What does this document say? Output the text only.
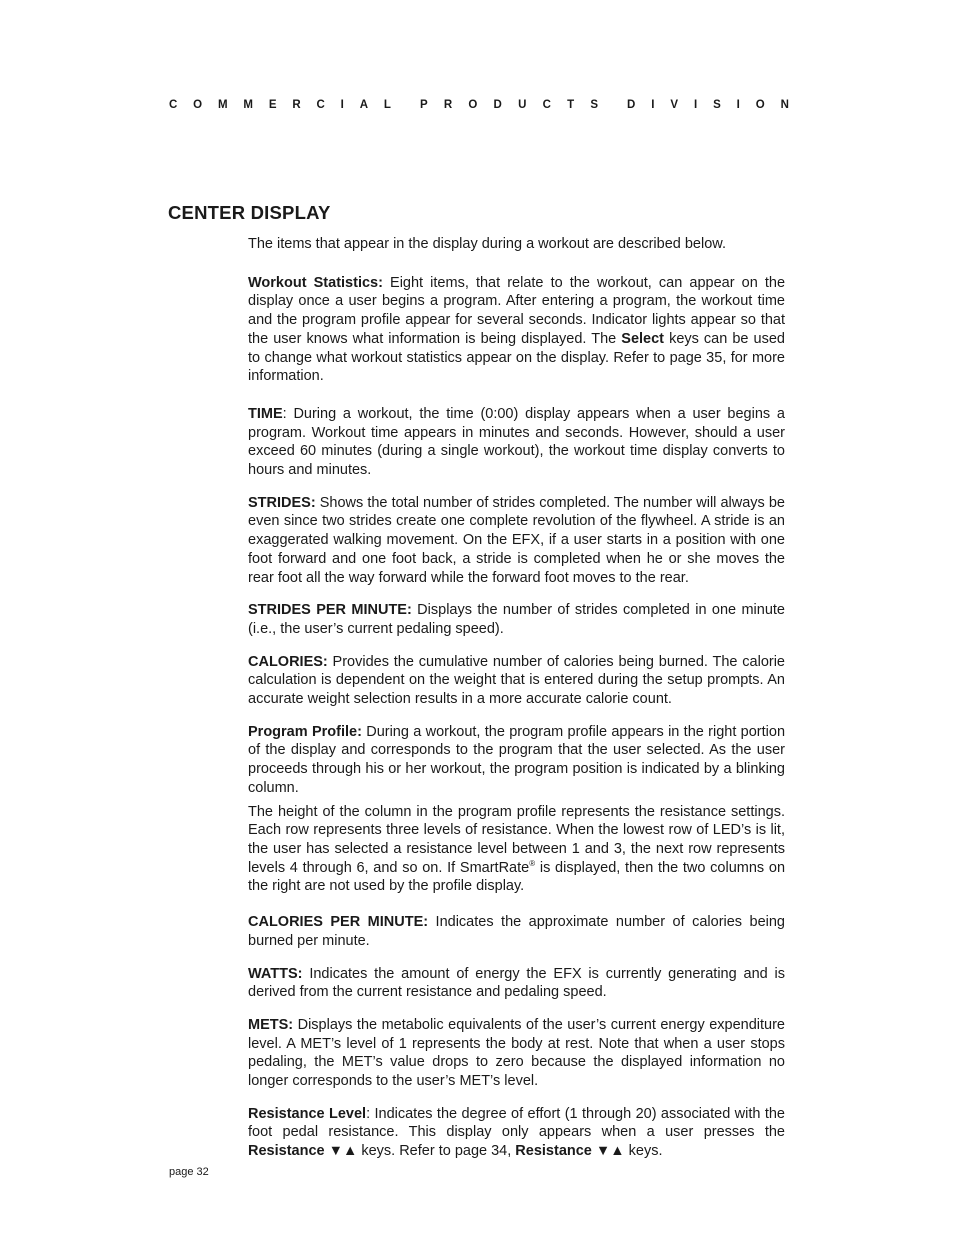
C O M M E R C I A L	P R O D U C T S	D I V I S I O N
CENTER DISPLAY

The items that appear in the display during a workout are described below.

Workout Statistics: Eight items, that relate to the workout, can appear on the display once a user begins a program. After entering a program, the workout time and the program profile appear for several seconds. Indicator lights appear so that the user knows what information is being displayed. The Select keys can be used to change what workout statistics appear on the display. Refer to page 35, for more information.

TIME: During a workout, the time (0:00) display appears when a user begins a program. Workout time appears in minutes and seconds. However, should a user exceed 60 minutes (during a single workout), the workout time display converts to hours and minutes.

STRIDES: Shows the total number of strides completed. The number will always be even since two strides create one complete revolution of the flywheel. A stride is an exaggerated walking movement. On the EFX, if a user starts in a position with one foot forward and one foot back, a stride is completed when he or she moves the rear foot all the way forward while the forward foot moves to the rear.

STRIDES PER MINUTE: Displays the number of strides completed in one minute (i.e., the user’s current pedaling speed).

CALORIES: Provides the cumulative number of calories being burned. The calorie calculation is dependent on the weight that is entered during the setup prompts. An accurate weight selection results in a more accurate calorie count.

Program Profile: During a workout, the program profile appears in the right portion of the display and corresponds to the program that the user selected. As the user proceeds through his or her workout, the program position is indicated by a blinking column.

The height of the column in the program profile represents the resistance settings. Each row represents three levels of resistance. When the lowest row of LED’s is lit, the user has selected a resistance level between 1 and 3, the next row represents levels 4 through 6, and so on. If SmartRate® is displayed, then the two columns on the right are not used by the profile display.

CALORIES PER MINUTE: Indicates the approximate number of calories being burned per minute.

WATTS: Indicates the amount of energy the EFX is currently generating and is derived from the current resistance and pedaling speed.

METS: Displays the metabolic equivalents of the user’s current energy expenditure level. A MET’s level of 1 represents the body at rest. Note that when a user stops pedaling, the MET’s value drops to zero because the displayed information no longer corresponds to the user’s MET’s level.

Resistance Level: Indicates the degree of effort (1 through 20) associated with the foot pedal resistance. This display only appears when a user presses the Resistance ▼▲ keys. Refer to page 34, Resistance ▼▲ keys.

page 32
